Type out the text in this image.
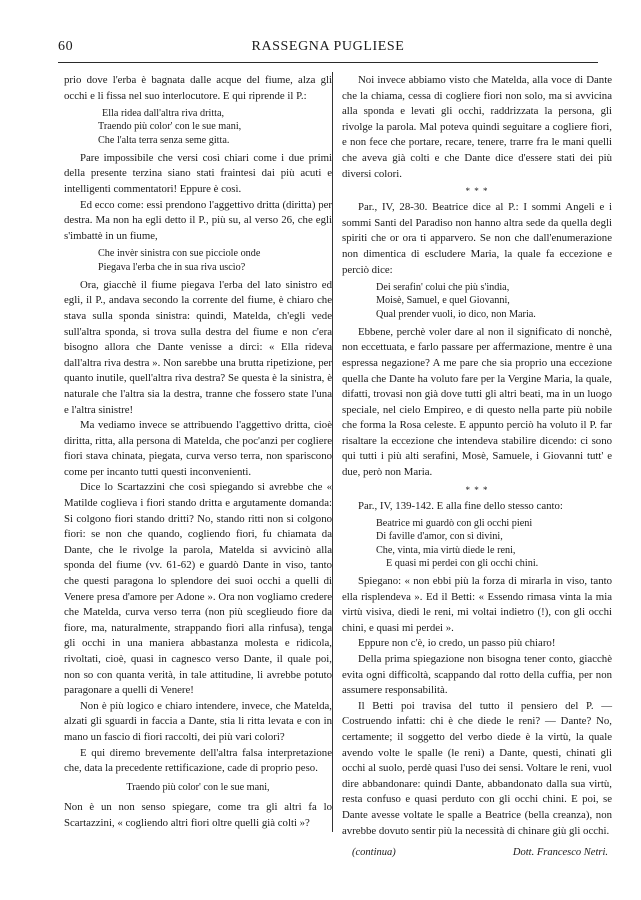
60	RASSEGNA PUGLIESE

prio dove l'erba è bagnata dalle acque del fiume, alza gli occhi e li fissa nel suo interlocutore. E qui riprende il P.:

Ella ridea dall'altra riva dritta,
Traendo più color' con le sue mani,
Che l'alta terra senza seme gitta.

Pare impossibile che versi così chiari come i due primi della presente terzina siano stati fraintesi dai più acuti e intelligenti commentatori! Eppure è così.

Ed ecco come: essi prendono l'aggettivo dritta (diritta) per destra. Ma non ha egli detto il P., più su, al verso 26, che egli s'imbattè in un fiume,

Che invèr sinistra con sue picciole onde
Piegava l'erba che in sua riva uscìo?

Ora, giacchè il fiume piegava l'erba del lato sinistro ed egli, il P., andava secondo la corrente del fiume, è chiaro che stava sulla sponda sinistra: quindi, Matelda, ch'egli vede sull'altra sponda, si trova sulla destra del fiume e non c'era bisogno allora che Dante venisse a dirci: « Ella rideva dall'altra riva destra ». Non sarebbe una brutta ripetizione, per quanto inutile, quell'altra riva destra? Se questa è la sinistra, è naturale che l'altra sia la destra, tranne che fossero state l'una e l'altra sinistre!

Ma vediamo invece se attribuendo l'aggettivo dritta, cioè diritta, ritta, alla persona di Matelda, che poc'anzi per cogliere fiori stava chinata, piegata, curva verso terra, non spariscono come per incanto tutti questi inconvenienti.

Dice lo Scartazzini che così spiegando si avrebbe che « Matilde coglieva i fiori stando dritta e argutamente domanda: Si colgono fiori stando dritti? No, stando ritti non si colgono fiori: se non che quando, cogliendo fiori, fu chiamata da Dante, che le rivolge la parola, Matelda si avvicinò alla sponda del fiume (vv. 61-62) e guardò Dante in viso, tanto che questi paragona lo splendore dei suoi occhi a quelli di Venere presa d'amore per Adone ». Ora non vogliamo credere che Matelda, curva verso terra (non più sceglieudo fiore da fiore, ma, naturalmente, strappando fiori alla rinfusa), tenga gli occhi in una maniera abbastanza molesta e ridicola, rivoltati, cioè, quasi in cagnesco verso Dante, il quale poi, non so con quanta verità, in tale attitudine, li avrebbe potuto paragonare a quelli di Venere!

Non è più logico e chiaro intendere, invece, che Matelda, alzati gli sguardi in faccia a Dante, stia li ritta levata e con in mano un fascio di fiori raccolti, dei più vari colori?

E qui diremo brevemente dell'altra falsa interpretazione che, data la precedente rettificazione, cade di proprio peso.

Traendo più color' con le sue mani,

Non è un non senso spiegare, come tra gli altri fa lo Scartazzini, « cogliendo altri fiori oltre quelli già colti »?

Noi invece abbiamo visto che Matelda, alla voce di Dante che la chiama, cessa di cogliere fiori non solo, ma si avvicina alla sponda e levati gli occhi, raddrizzata la persona, gli rivolge la parola. Mal poteva quindi seguitare a cogliere fiori, e non fece che portare, recare, tenere, trarre fra le mani quelli che aveva già colti e che Dante dice d'essere stati dei più diversi colori.

* * *

Par., IV, 28-30. Beatrice dice al P.: I sommi Angeli e i sommi Santi del Paradiso non hanno altra sede da quella degli spiriti che or ora ti apparvero. Se non che dall'enumerazione non dimentica di escludere Maria, la quale fa eccezione e perciò dice:

Dei serafin' colui che più s'india,
Moisè, Samuel, e quel Giovanni,
Qual prender vuoli, io dico, non Maria.

Ebbene, perchè voler dare al non il significato di nonchè, non eccettuata, e farlo passare per affermazione, mentre è una espressa negazione? A me pare che sia proprio una eccezione quella che Dante ha voluto fare per la Vergine Maria, la quale, difatti, trovasi non già dove tutti gli altri beati, ma in un luogo speciale, nel cielo Empireo, e di questo nella parte più nobile che forma la Rosa celeste. E appunto perciò ha voluto il P. far risaltare la eccezione che intendeva stabilire dicendo: ci sono qui tutti i più alti serafini, Mosè, Samuele, i Giovanni tutt' e due, però non Maria.

* * *

Par., IV, 139-142. E alla fine dello stesso canto:

Beatrice mi guardò con gli occhi pieni
Di faville d'amor, con sì divini,
Che, vinta, mia virtù diede le reni,
E quasi mi perdei con gli occhi chini.

Spiegano: « non ebbi più la forza di mirarla in viso, tanto ella risplendeva ». Ed il Betti: « Essendo rimasa vinta la mia virtù visiva, diedi le reni, mi voltai indietro (!), con gli occhi chini, e quasi mi perdei ».

Eppure non c'è, io credo, un passo più chiaro!

Della prima spiegazione non bisogna tener conto, giacchè evita ogni difficoltà, scappando dal rotto della cuffia, per non assumere responsabilità.

Il Betti poi travisa del tutto il pensiero del P. — Costruendo infatti: chi è che diede le reni? — Dante? No, certamente; il soggetto del verbo diede è la virtù, la quale avendo volte le spalle (le reni) a Dante, questi, chinati gli occhi al suolo, perdè quasi l'uso dei sensi. Voltare le reni, vuol dire abbandonare: quindi Dante, abbandonato dalla sua virtù, resta confuso e quasi perduto con gli occhi chini. E poi, se Dante avesse voltate le spalle a Beatrice (bella creanza), non avrebbe dovuto sentir più la necessità di chinare giù gli occhi.

(continua)	Dott. Francesco Netri.
